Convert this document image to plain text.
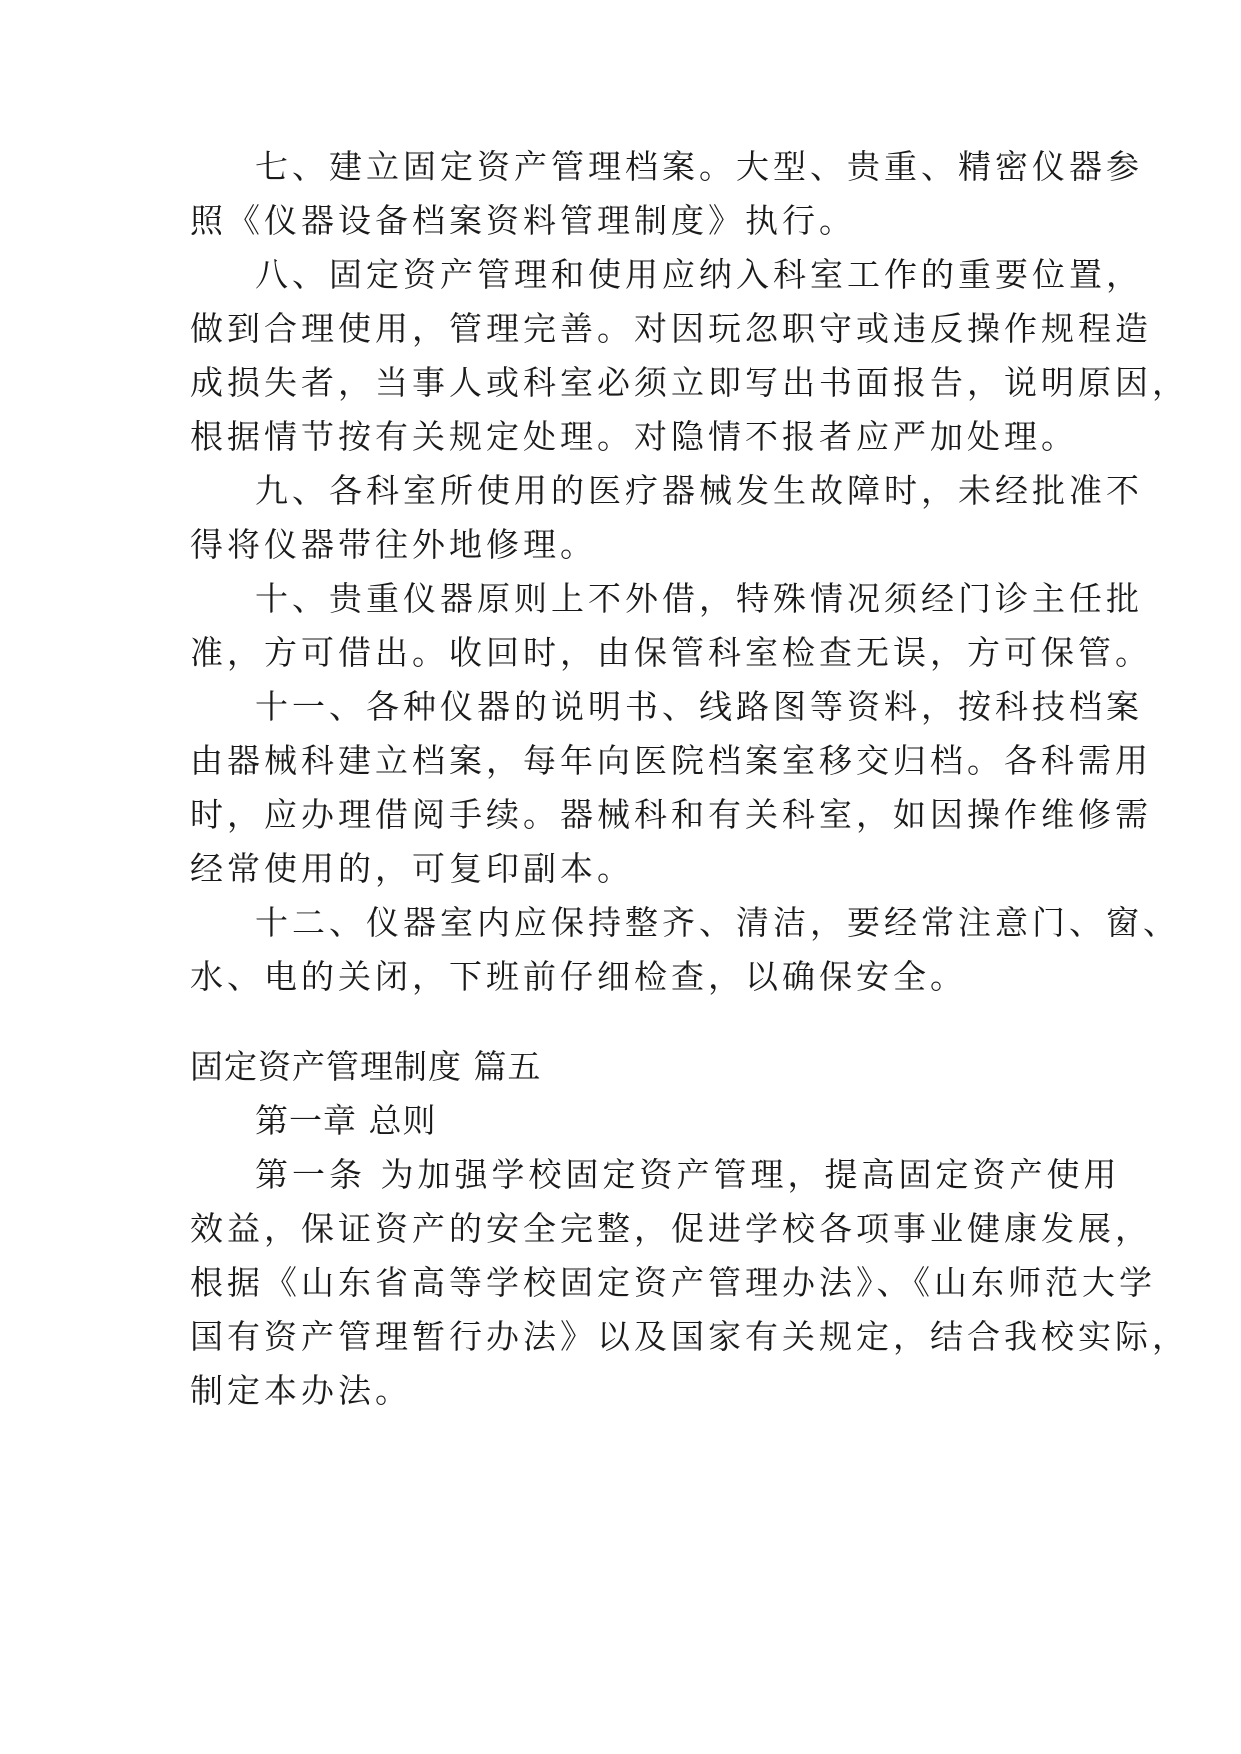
七、建立固定资产管理档案。大型、贵重、精密仪器参
照《仪器设备档案资料管理制度》执行。
八、固定资产管理和使用应纳入科室工作的重要位置，
做到合理使用，管理完善。对因玩忽职守或违反操作规程造
成损失者，当事人或科室必须立即写出书面报告，说明原因，
根据情节按有关规定处理。对隐情不报者应严加处理。
九、各科室所使用的医疗器械发生故障时，未经批准不
得将仪器带往外地修理。
十、贵重仪器原则上不外借，特殊情况须经门诊主任批
准，方可借出。收回时，由保管科室检查无误，方可保管。
十一、各种仪器的说明书、线路图等资料，按科技档案
由器械科建立档案，每年向医院档案室移交归档。各科需用
时，应办理借阅手续。器械科和有关科室，如因操作维修需
经常使用的，可复印副本。
十二、仪器室内应保持整齐、清洁，要经常注意门、窗、
水、电的关闭，下班前仔细检查，以确保安全。
固定资产管理制度 篇五
第一章 总则
第一条 为加强学校固定资产管理，提高固定资产使用
效益，保证资产的安全完整，促进学校各项事业健康发展，
根据《山东省高等学校固定资产管理办法》、《山东师范大学
国有资产管理暂行办法》以及国家有关规定，结合我校实际，
制定本办法。
